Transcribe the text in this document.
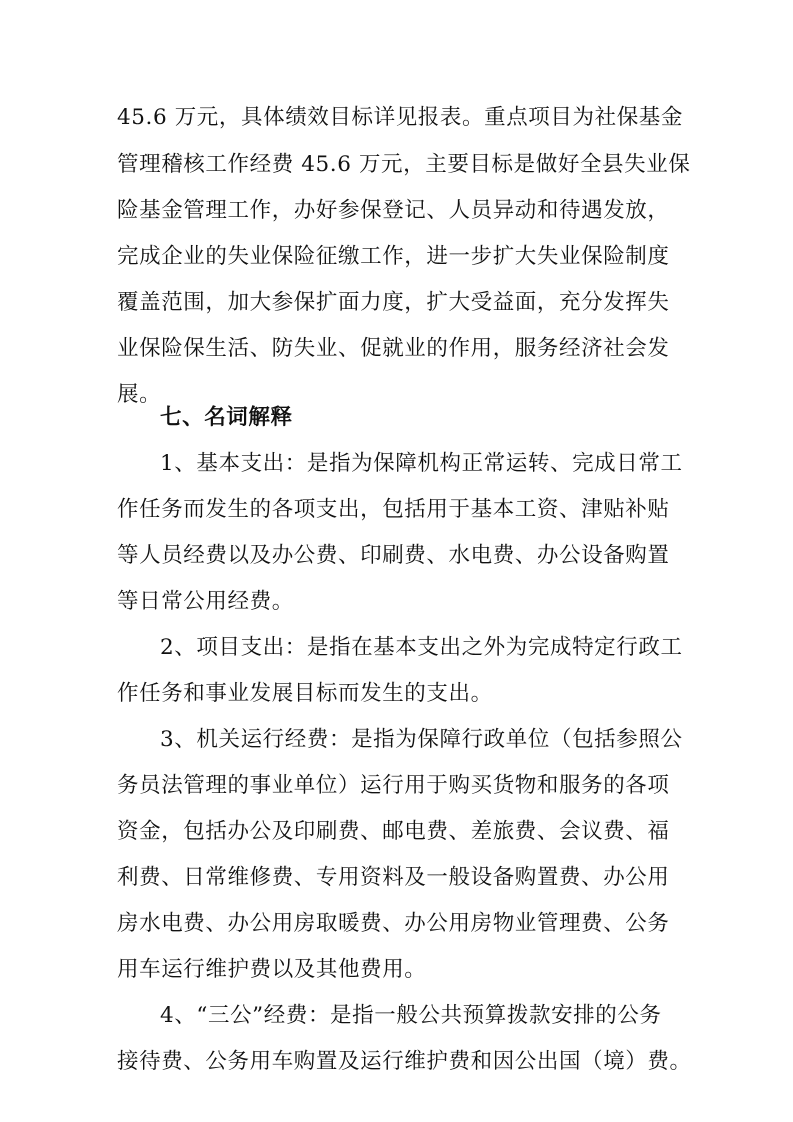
45.6 万元，具体绩效目标详见报表。重点项目为社保基金
管理稽核工作经费 45.6 万元，主要目标是做好全县失业保
险基金管理工作，办好参保登记、人员异动和待遇发放，
完成企业的失业保险征缴工作，进一步扩大失业保险制度
覆盖范围，加大参保扩面力度，扩大受益面，充分发挥失
业保险保生活、防失业、促就业的作用，服务经济社会发
展。
七、名词解释
1、基本支出：是指为保障机构正常运转、完成日常工
作任务而发生的各项支出，包括用于基本工资、津贴补贴
等人员经费以及办公费、印刷费、水电费、办公设备购置
等日常公用经费。
2、项目支出：是指在基本支出之外为完成特定行政工
作任务和事业发展目标而发生的支出。
3、机关运行经费：是指为保障行政单位（包括参照公
务员法管理的事业单位）运行用于购买货物和服务的各项
资金，包括办公及印刷费、邮电费、差旅费、会议费、福
利费、日常维修费、专用资料及一般设备购置费、办公用
房水电费、办公用房取暖费、办公用房物业管理费、公务
用车运行维护费以及其他费用。
4、“三公”经费：是指一般公共预算拨款安排的公务
接待费、公务用车购置及运行维护费和因公出国（境）费。
